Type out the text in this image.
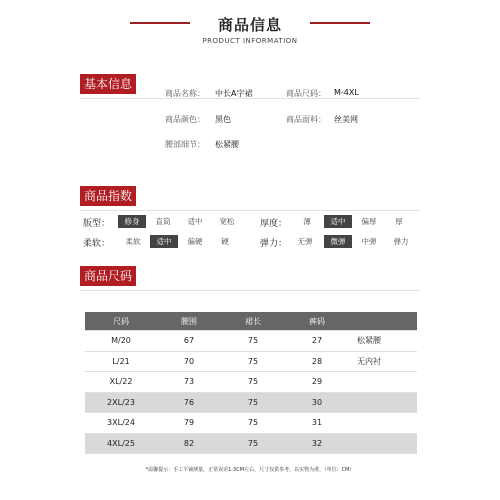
商品信息
PRODUCT INFORMATION
基本信息
商品名称： 中长A字裙	商品尺码： M-4XL
商品颜色： 黑色	商品面料： 丝美网
腰部细节： 松紧腰
商品指数
版型：	修身	直筒	适中	宽松	厚度：	薄	适中	偏厚	厚
柔软：	柔软	适中	偏硬	硬	弹力：	无弹	微弹	中弹	弹力
商品尺码
尺码	腰围	裙长	裤码	
M/20	67	75	27	松紧腰
L/21	70	75	28	无内衬
XL/22	73	75	29	
2XL/23	76	75	30	
3XL/24	79	75	31	
4XL/25	82	75	32	
*温馨提示：手工平铺测量，正常误差1-3CM左右，尺寸仅供参考，以实物为准。（单位：CM）
